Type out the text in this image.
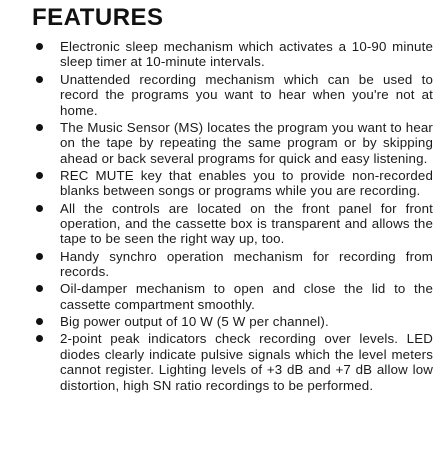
FEATURES
Electronic sleep mechanism which activates a 10-90 minute sleep timer at 10-minute intervals.
Unattended recording mechanism which can be used to record the programs you want to hear when you're not at home.
The Music Sensor (MS) locates the program you want to hear on the tape by repeating the same program or by skipping ahead or back several programs for quick and easy listening.
REC MUTE key that enables you to provide non-recorded blanks between songs or programs while you are recording.
All the controls are located on the front panel for front operation, and the cassette box is transparent and allows the tape to be seen the right way up, too.
Handy synchro operation mechanism for recording from records.
Oil-damper mechanism to open and close the lid to the cassette compartment smoothly.
Big power output of 10 W (5 W per channel).
2-point peak indicators check recording over levels. LED diodes clearly indicate pulsive signals which the level meters cannot register. Lighting levels of +3 dB and +7 dB allow low distortion, high SN ratio recordings to be performed.
